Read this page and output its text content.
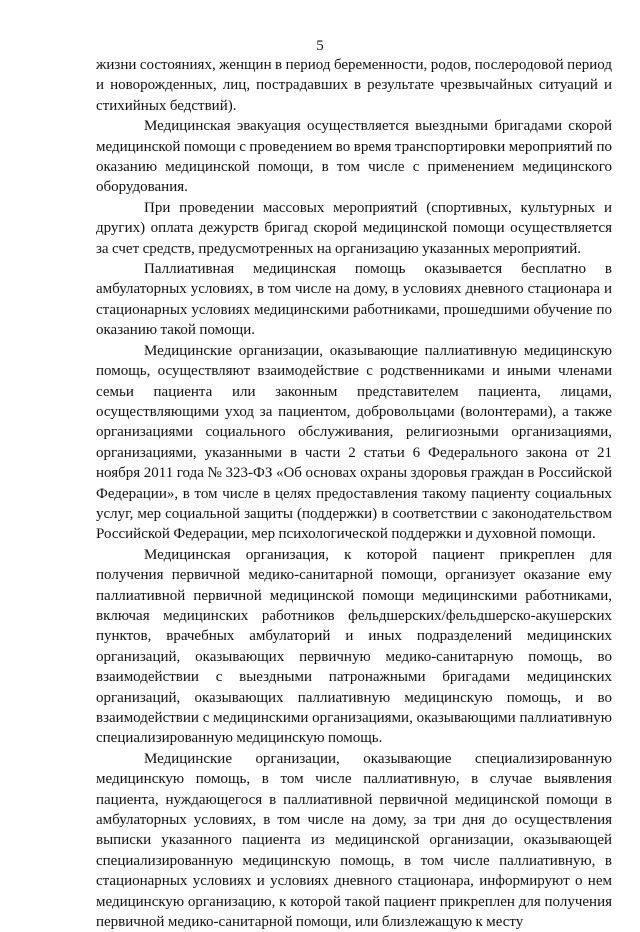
5

жизни состояниях, женщин в период беременности, родов, послеродовой период и новорожденных, лиц, пострадавших в результате чрезвычайных ситуаций и стихийных бедствий).

Медицинская эвакуация осуществляется выездными бригадами скорой медицинской помощи с проведением во время транспортировки мероприятий по оказанию медицинской помощи, в том числе с применением медицинского оборудования.

При проведении массовых мероприятий (спортивных, культурных и других) оплата дежурств бригад скорой медицинской помощи осуществляется за счет средств, предусмотренных на организацию указанных мероприятий.

Паллиативная медицинская помощь оказывается бесплатно в амбулаторных условиях, в том числе на дому, в условиях дневного стационара и стационарных условиях медицинскими работниками, прошедшими обучение по оказанию такой помощи.

Медицинские организации, оказывающие паллиативную медицинскую помощь, осуществляют взаимодействие с родственниками и иными членами семьи пациента или законным представителем пациента, лицами, осуществляющими уход за пациентом, добровольцами (волонтерами), а также организациями социального обслуживания, религиозными организациями, организациями, указанными в части 2 статьи 6 Федерального закона от 21 ноября 2011 года № 323-ФЗ «Об основах охраны здоровья граждан в Российской Федерации», в том числе в целях предоставления такому пациенту социальных услуг, мер социальной защиты (поддержки) в соответствии с законодательством Российской Федерации, мер психологической поддержки и духовной помощи.

Медицинская организация, к которой пациент прикреплен для получения первичной медико-санитарной помощи, организует оказание ему паллиативной первичной медицинской помощи медицинскими работниками, включая медицинских работников фельдшерских/фельдшерско-акушерских пунктов, врачебных амбулаторий и иных подразделений медицинских организаций, оказывающих первичную медико-санитарную помощь, во взаимодействии с выездными патронажными бригадами медицинских организаций, оказывающих паллиативную медицинскую помощь, и во взаимодействии с медицинскими организациями, оказывающими паллиативную специализированную медицинскую помощь.

Медицинские организации, оказывающие специализированную медицинскую помощь, в том числе паллиативную, в случае выявления пациента, нуждающегося в паллиативной первичной медицинской помощи в амбулаторных условиях, в том числе на дому, за три дня до осуществления выписки указанного пациента из медицинской организации, оказывающей специализированную медицинскую помощь, в том числе паллиативную, в стационарных условиях и условиях дневного стационара, информируют о нем медицинскую организацию, к которой такой пациент прикреплен для получения первичной медико-санитарной помощи, или близлежащую к месту
